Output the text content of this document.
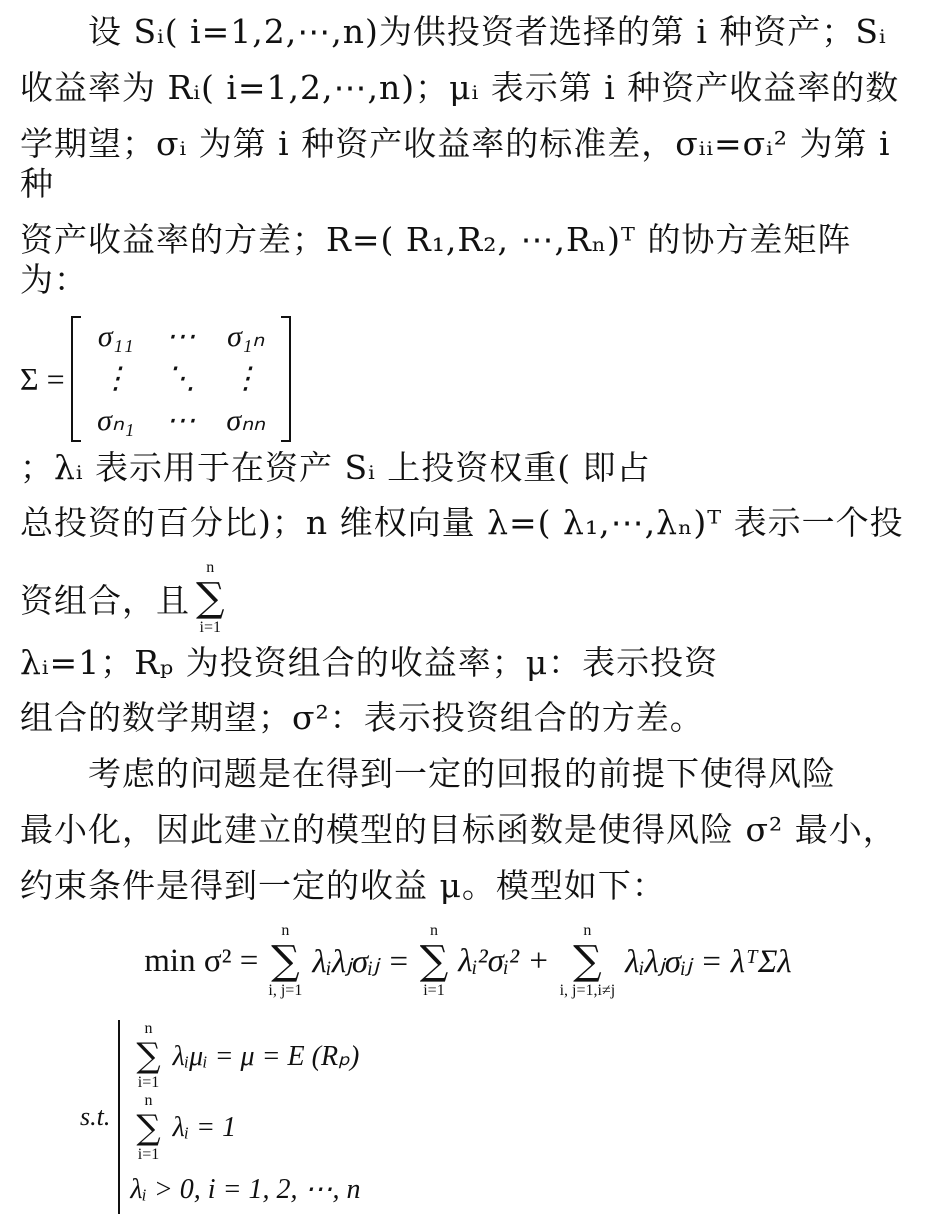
　　设 Sᵢ( i=1,2,⋯,n)为供投资者选择的第 i 种资产；Sᵢ
收益率为 Rᵢ( i=1,2,⋯,n)；μᵢ 表示第 i 种资产收益率的数
学期望；σᵢ 为第 i 种资产收益率的标准差，σᵢᵢ=σᵢ² 为第 i 种
资产收益率的方差；R=( R₁,R₂, ⋯,Rₙ)ᵀ 的协方差矩阵为：
Σ =
σ₁₁	⋯	σ₁ₙ
⋮	⋱	⋮
σₙ₁	⋯	σₙₙ
；λᵢ 表示用于在资产 Sᵢ 上投资权重( 即占
总投资的百分比)；n 维权向量 λ=( λ₁,⋯,λₙ)ᵀ 表示一个投
资组合，且
n
∑
i=1
λᵢ=1；Rₚ 为投资组合的收益率；μ：表示投资
组合的数学期望；σ²：表示投资组合的方差。
　　考虑的问题是在得到一定的回报的前提下使得风险
最小化，因此建立的模型的目标函数是使得风险 σ² 最小，
约束条件是得到一定的收益 μ。模型如下：
min σ² =
n
∑
i, j=1
λᵢλⱼσᵢⱼ =
n
∑
i=1
λᵢ²σᵢ² +
n
∑
i, j=1,i≠j
λᵢλⱼσᵢⱼ = λᵀΣλ
s.t.
n
∑
i=1
λᵢμᵢ = μ = E (Rₚ)
n
∑
i=1
λᵢ = 1
λᵢ > 0, i = 1, 2, ⋯, n
